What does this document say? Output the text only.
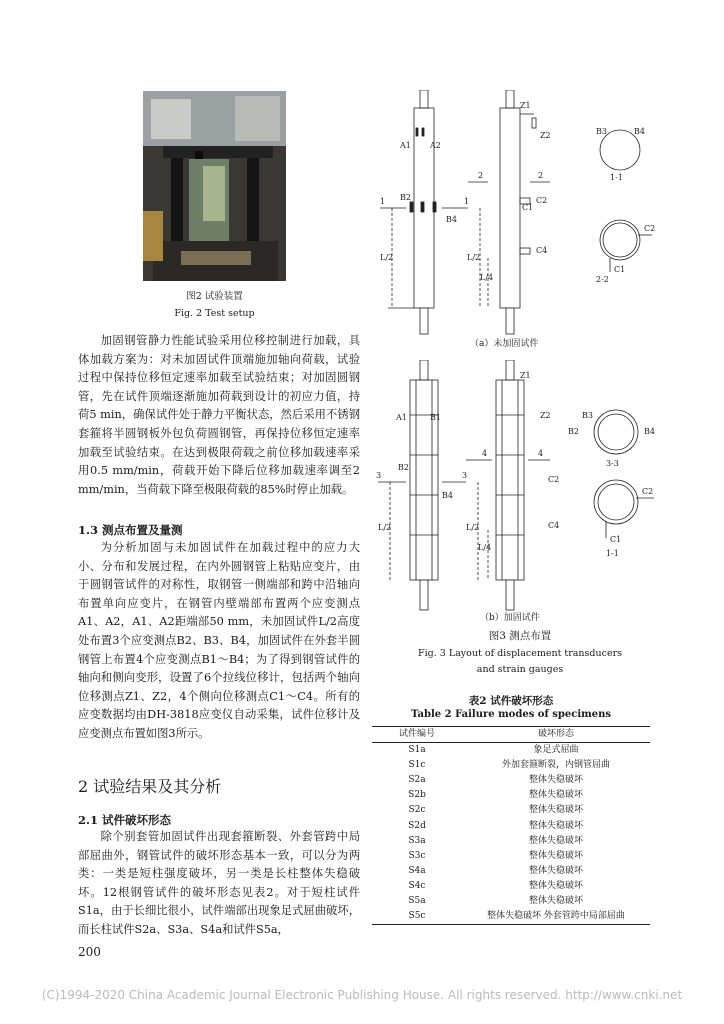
图2 试验装置
Fig. 2 Test setup

加固钢管静力性能试验采用位移控制进行加载，具体加载方案为：对未加固试件顶端施加轴向荷载，试验过程中保持位移恒定速率加载至试验结束；对加固圆钢管，先在试件顶端逐渐施加荷载到设计的初应力值，持荷5 min，确保试件处于静力平衡状态，然后采用不锈钢套箍将半圆钢板外包负荷圆钢管，再保持位移恒定速率加载至试验结束。在达到极限荷载之前位移加载速率采用0.5 mm/min，荷载开始下降后位移加载速率调至2 mm/min，当荷载下降至极限荷载的85%时停止加载。

1.3 测点布置及量测

为分析加固与未加固试件在加载过程中的应力大小、分布和发展过程，在内外圆钢管上粘贴应变片，由于圆钢管试件的对称性，取钢管一侧端部和跨中沿轴向布置单向应变片，在钢管内壁端部布置两个应变测点A1、A2，A1、A2距端部50 mm，未加固试件L/2高度处布置3个应变测点B2、B3、B4，加固试件在外套半圆钢管上布置4个应变测点B1～B4；为了得到钢管试件的轴向和侧向变形，设置了6个拉线位移计，包括两个轴向位移测点Z1、Z2，4个侧向位移测点C1～C4。所有的应变数据均由DH-3818应变仪自动采集，试件位移计及应变测点布置如图3所示。

2 试验结果及其分析
2.1 试件破坏形态

除个别套管加固试件出现套箍断裂、外套管跨中局部屈曲外，钢管试件的破坏形态基本一致，可以分为两类：一类是短柱强度破坏，另一类是长柱整体失稳破坏。12根钢管试件的破坏形态见表2。对于短柱试件S1a，由于长细比很小，试件端部出现象足式屈曲破坏，而长柱试件S2a、S3a、S4a和试件S5a，

200
A1 A2
B2
B4
1	1
L/2
Z1
Z2
2	2
C1
C2
C4
L/2
L/4
B3	B4
1-1
C2
C1
2-2
（a）未加固试件
A1	B1
B2
B4
3	3
L/2
Z1
Z2
4	4
C2
C4
L/2
L/4
B3
B2	B4
3-3
C2
C1
1-1
（b）加固试件
图3 测点布置
Fig. 3 Layout of displacement transducers
and strain gauges
表2 试件破坏形态
Table 2 Failure modes of specimens
试件编号	破坏形态
S1a	象足式屈曲
S1c	外加套箍断裂，内钢管屈曲
S2a	整体失稳破坏
S2b	整体失稳破坏
S2c	整体失稳破坏
S2d	整体失稳破坏
S3a	整体失稳破坏
S3c	整体失稳破坏
S4a	整体失稳破坏
S4c	整体失稳破坏
S5a	整体失稳破坏
S5c	整体失稳破坏 外套管跨中局部屈曲
(C)1994-2020 China Academic Journal Electronic Publishing House. All rights reserved. http://www.cnki.net
